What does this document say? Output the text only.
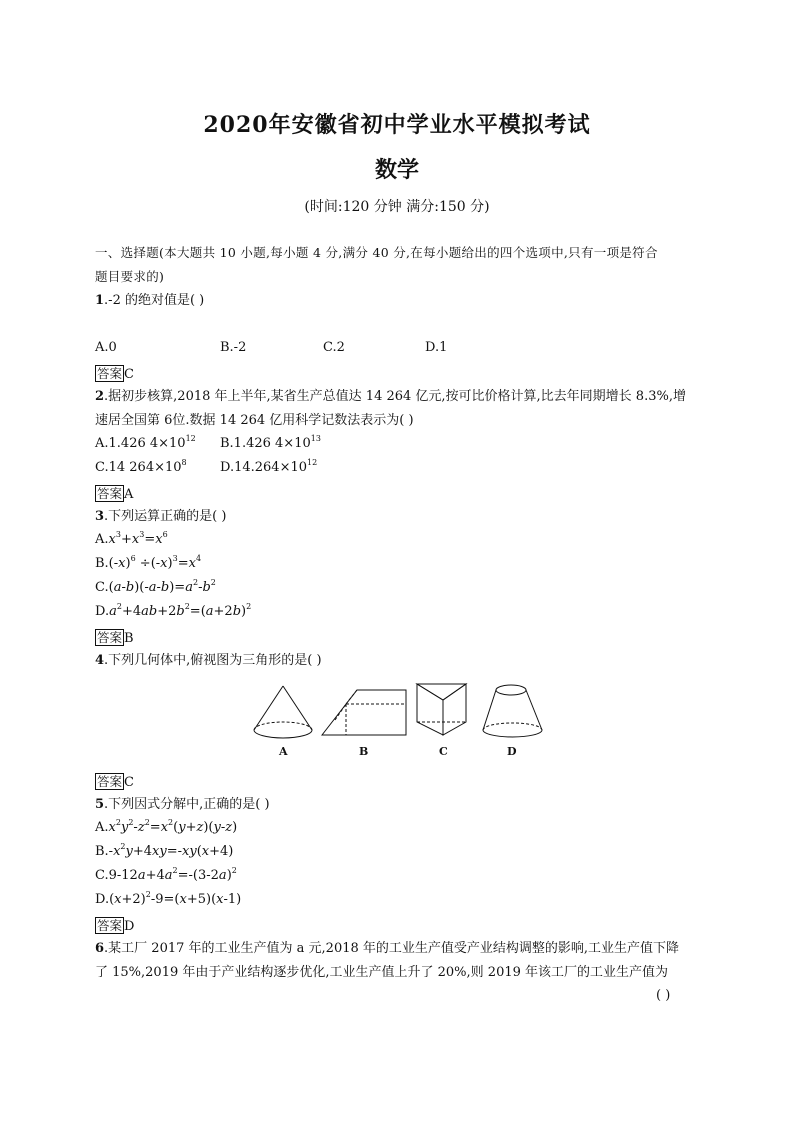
2020年安徽省初中学业水平模拟考试
数学
(时间:120 分钟 满分:150 分)
一、选择题(本大题共 10 小题,每小题 4 分,满分 40 分,在每小题给出的四个选项中,只有一项是符合
题目要求的)
1.-2 的绝对值是( )
A.0	B.-2	C.2	D.1
答案 C
2.据初步核算,2018 年上半年,某省生产总值达 14 264 亿元,按可比价格计算,比去年同期增长 8.3%,增
速居全国第 6位.数据 14 264 亿用科学记数法表示为( )
A.1.426 $4\times 10^{12}$ B.1.426 $4\times 10^{13}$
C.14 $264\times 10^8$	$D.14.264\times 10^{12}$
答案 A
3.下列运算正确的是( )
$A.x^3+x^3=x^6$
$B.(-x)^6 \div(-x)^3=x^4$
$C.(a-b)(-a-b)=a^2-b^2$
$D.a^2+4ab+2b^2=(a+2b)^2$
答案 B
4.下列几何体中,俯视图为三角形的是( )
A	B	C	D
答案 C
5.下列因式分解中,正确的是( )
$A.x^2y^2-z^2=x^2(y+z)(y-z)$
$B.-x^2y+4xy=-xy(x+4)$
$C.9-12a+4a^2=-(3-2a)^2$
$D.(x+2)^2-9=(x+5)(x-1)$
答案 D
6.某工厂 2017 年的工业生产值为 a 元,2018 年的工业生产值受产业结构调整的影响,工业生产值下降
了 15%,2019 年由于产业结构逐步优化,工业生产值上升了 20%,则 2019 年该工厂的工业生产值为
( )
